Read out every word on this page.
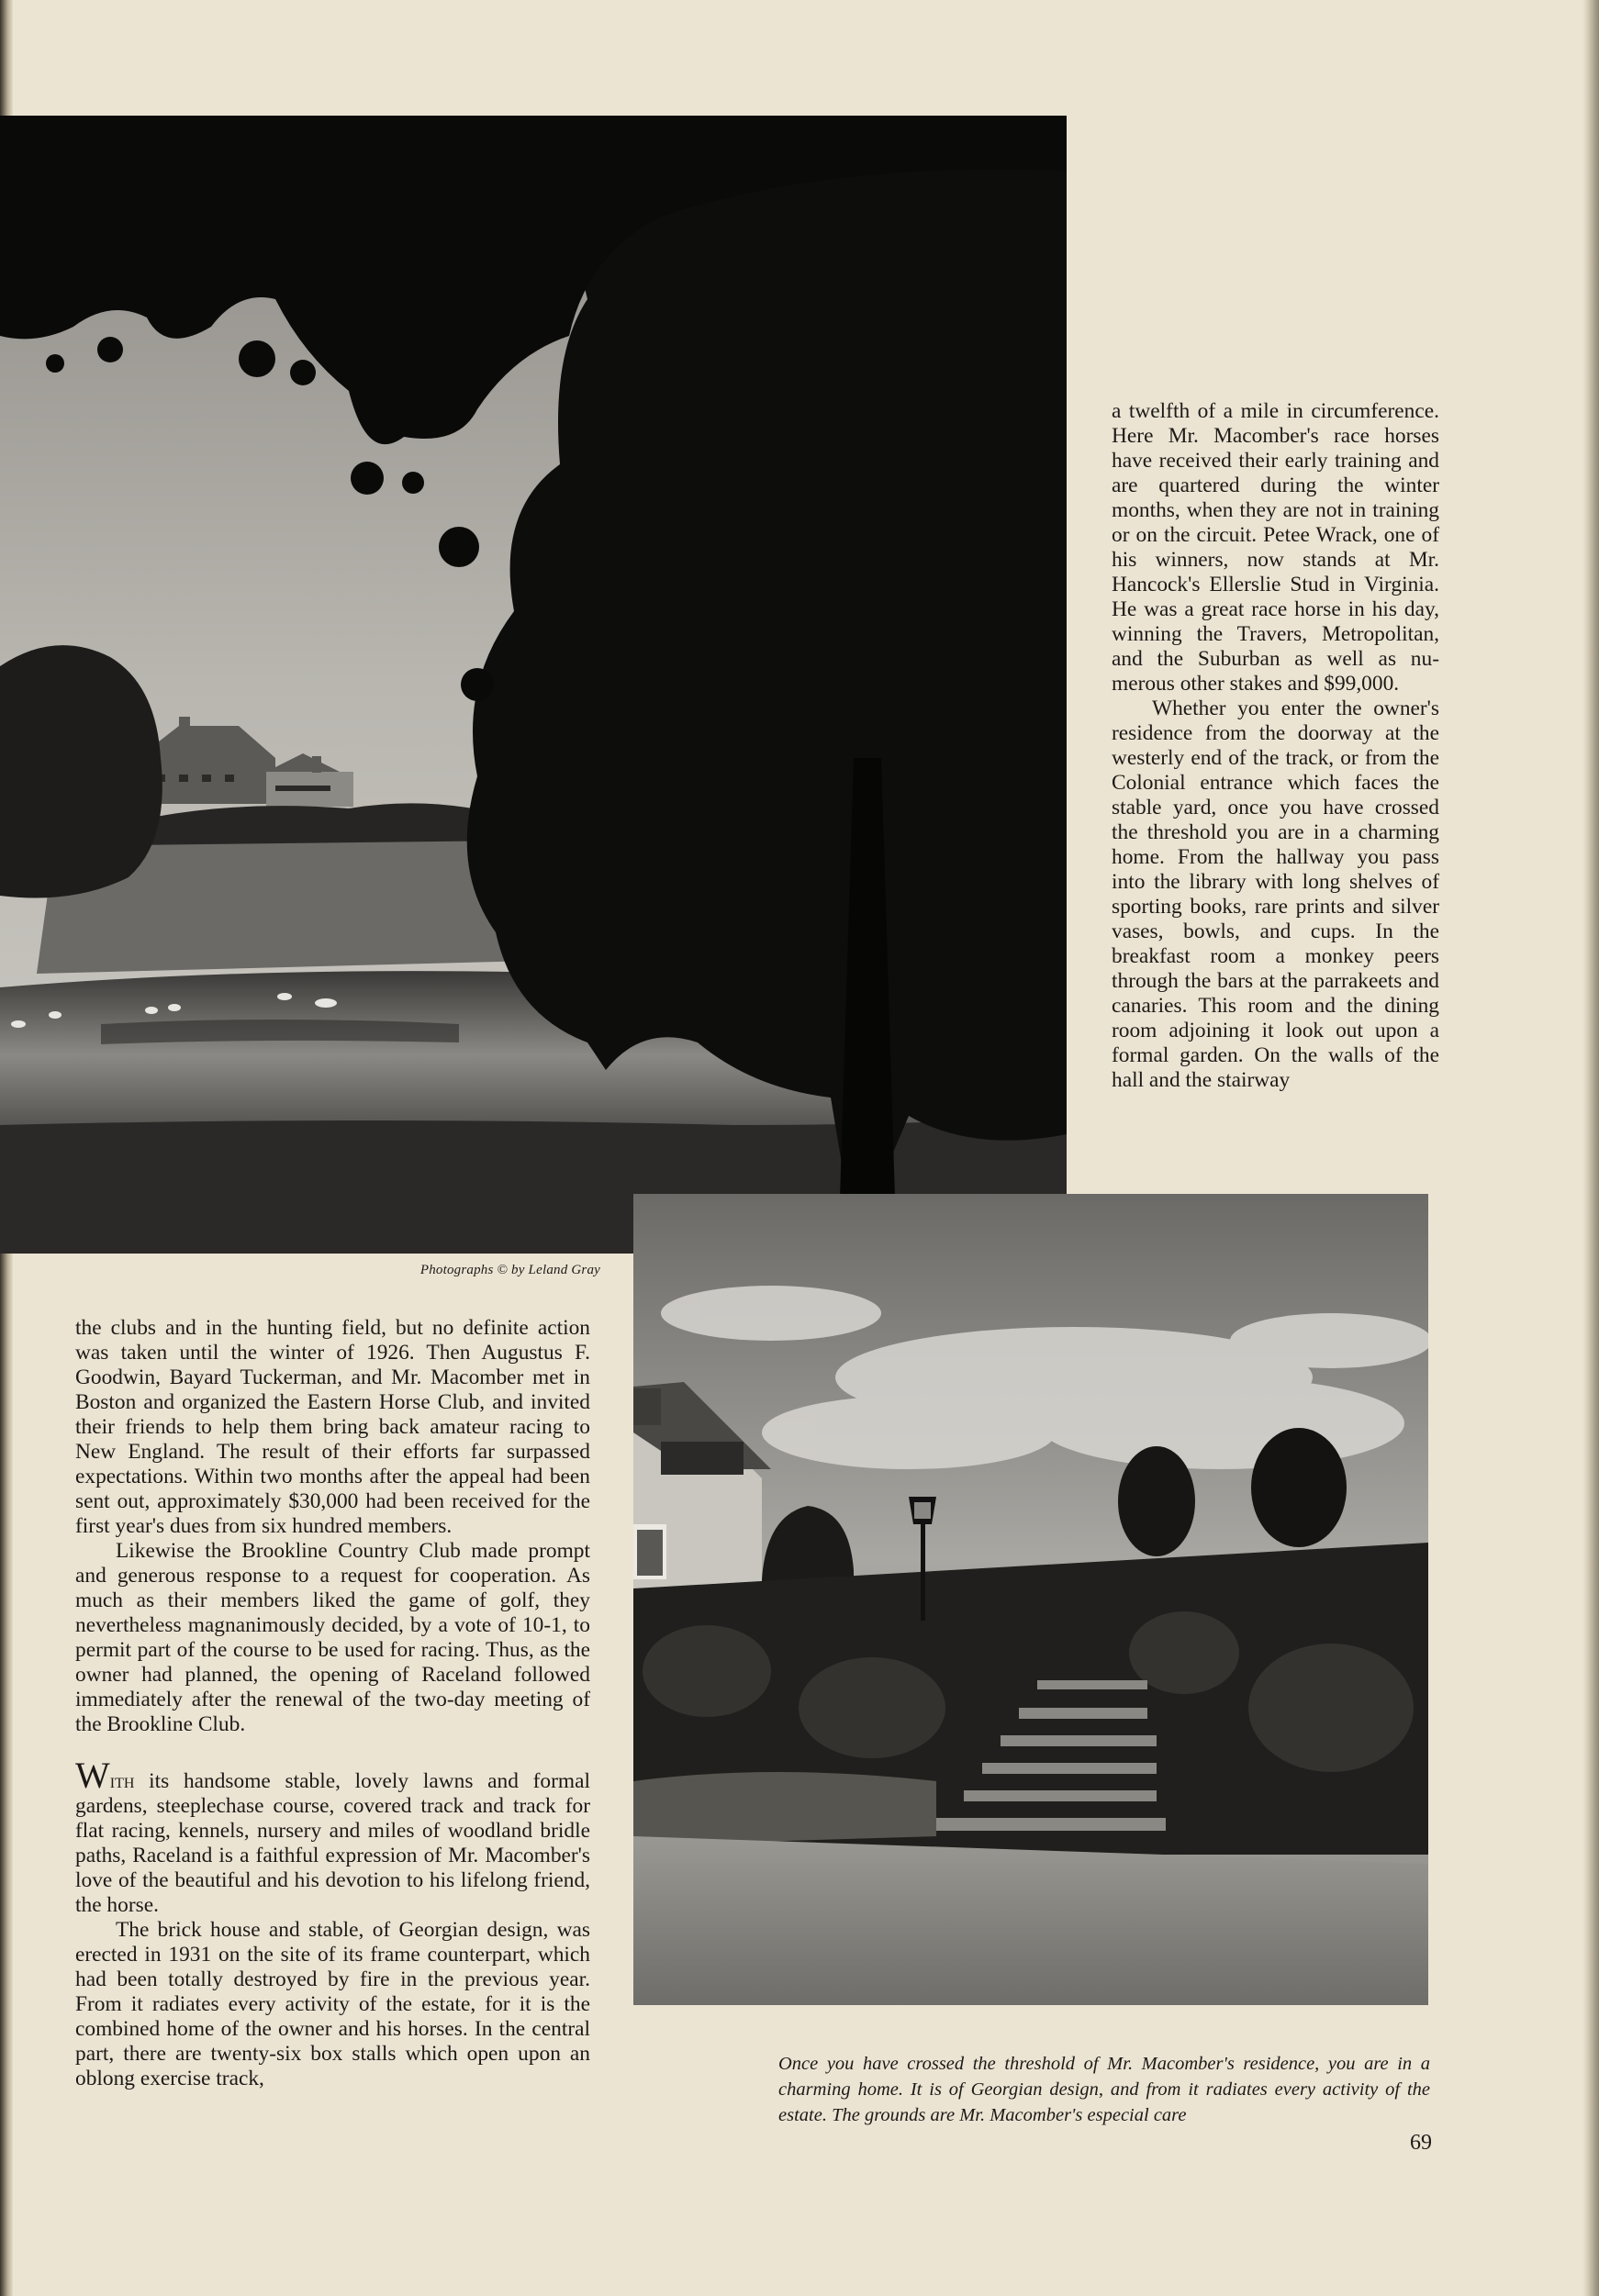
Photographs © by Leland Gray

a twelfth of a mile in circumference. Here Mr. Macomber's race horses have received their early training and are quartered during the winter months, when they are not in training or on the circuit. Petee Wrack, one of his winners, now stands at Mr. Hancock's Ellerslie Stud in Virginia. He was a great race horse in his day, winning the Travers, Metropolitan, and the Suburban as well as numerous other stakes and $99,000.

Whether you enter the owner's residence from the doorway at the westerly end of the track, or from the Colonial entrance which faces the stable yard, once you have crossed the threshold you are in a charming home. From the hallway you pass into the library with long shelves of sporting books, rare prints and silver vases, bowls, and cups. In the breakfast room a monkey peers through the bars at the parrakeets and canaries. This room and the dining room adjoining it look out upon a formal garden. On the walls of the hall and the stairway

the clubs and in the hunting field, but no definite action was taken until the winter of 1926. Then Augustus F. Goodwin, Bayard Tuckerman, and Mr. Macomber met in Boston and organized the Eastern Horse Club, and invited their friends to help them bring back amateur racing to New England. The result of their efforts far surpassed expectations. Within two months after the appeal had been sent out, approximately $30,000 had been received for the first year's dues from six hundred members.

Likewise the Brookline Country Club made prompt and generous response to a request for cooperation. As much as their members liked the game of golf, they nevertheless magnanimously decided, by a vote of 10-1, to permit part of the course to be used for racing. Thus, as the owner had planned, the opening of Raceland followed immediately after the renewal of the two-day meeting of the Brookline Club.

With its handsome stable, lovely lawns and formal gardens, steeplechase course, covered track and track for flat racing, kennels, nursery and miles of woodland bridle paths, Raceland is a faithful expression of Mr. Macomber's love of the beautiful and his devotion to his lifelong friend, the horse.

The brick house and stable, of Georgian design, was erected in 1931 on the site of its frame counterpart, which had been totally destroyed by fire in the previous year. From it radiates every activity of the estate, for it is the combined home of the owner and his horses. In the central part, there are twenty-six box stalls which open upon an oblong exercise track,

Once you have crossed the threshold of Mr. Macomber's residence, you are in a charming home. It is of Georgian design, and from it radiates every activity of the estate. The grounds are Mr. Macomber's especial care
69
